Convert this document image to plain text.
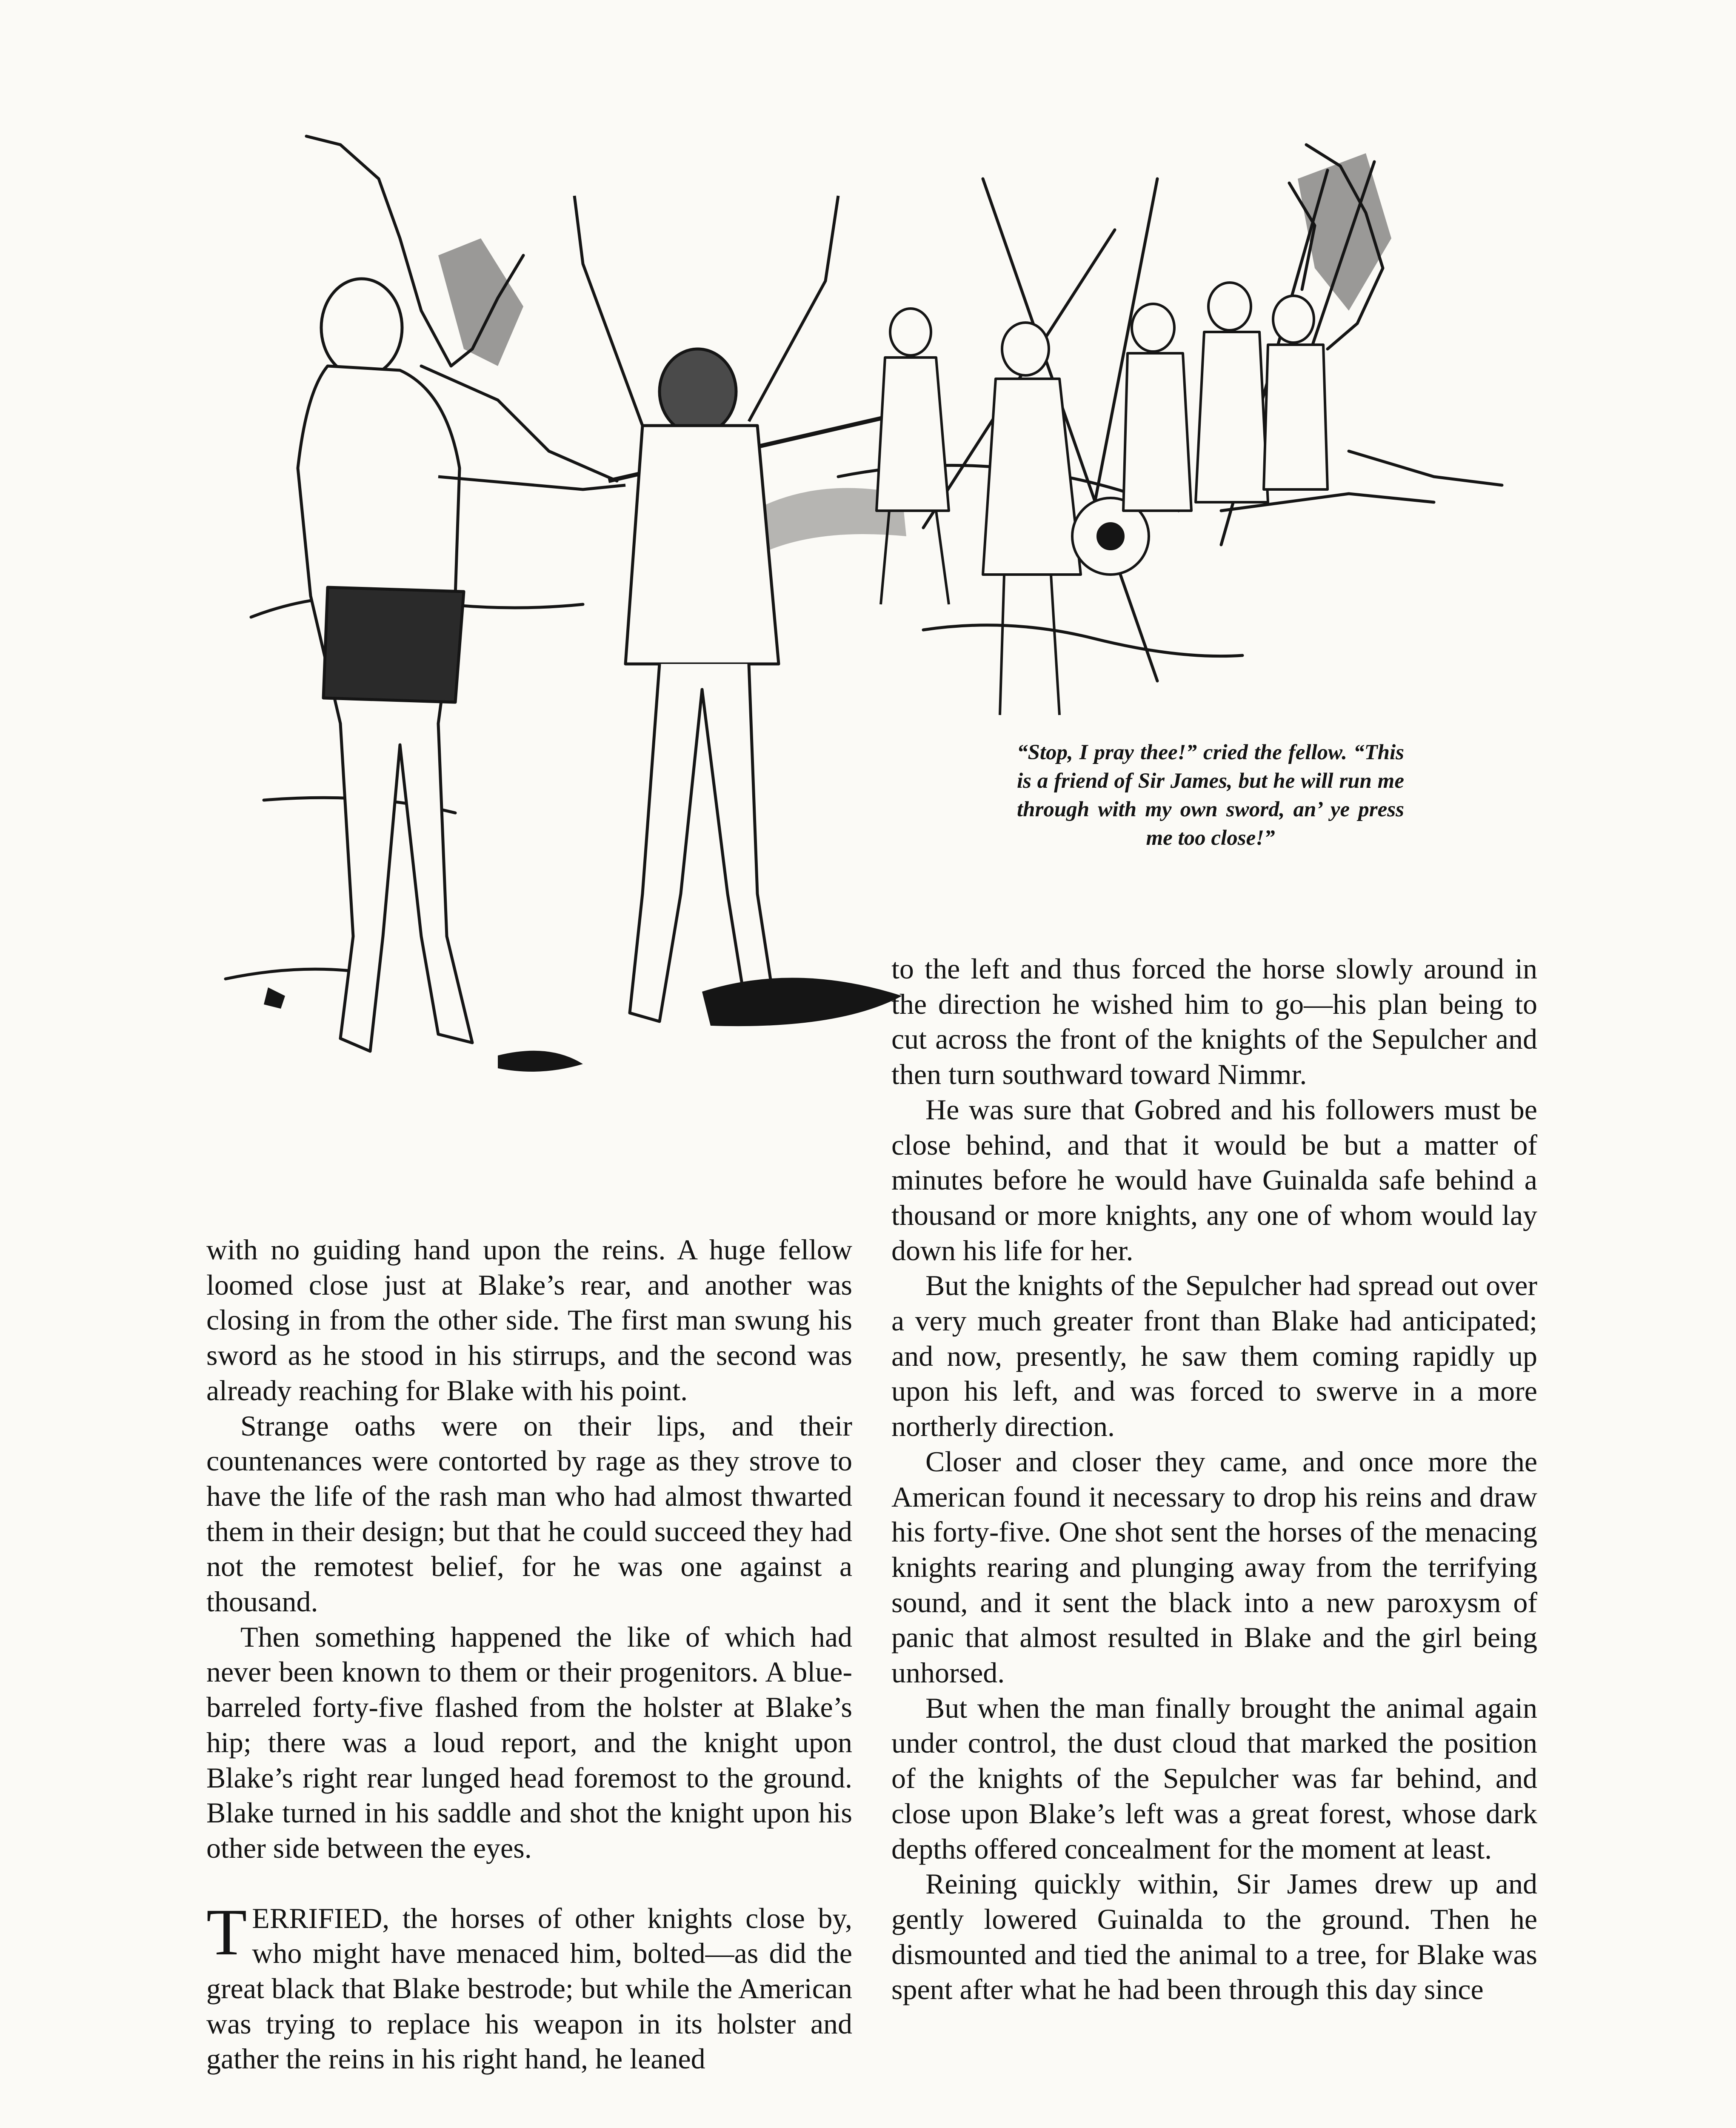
“Stop, I pray thee!” cried the fellow. “This is a friend of Sir James, but he will run me through with my own sword, an’ ye press me too close!”

with no guiding hand upon the reins. A huge fellow loomed close just at Blake’s rear, and another was closing in from the other side. The first man swung his sword as he stood in his stirrups, and the second was already reaching for Blake with his point.

Strange oaths were on their lips, and their countenances were contorted by rage as they strove to have the life of the rash man who had almost thwarted them in their design; but that he could succeed they had not the remotest belief, for he was one against a thousand.

Then something happened the like of which had never been known to them or their progenitors. A blue-barreled forty-five flashed from the holster at Blake’s hip; there was a loud report, and the knight upon Blake’s right rear lunged head foremost to the ground. Blake turned in his saddle and shot the knight upon his other side between the eyes.

TERRIFIED, the horses of other knights close by, who might have menaced him, bolted—as did the great black that Blake bestrode; but while the American was trying to replace his weapon in its holster and gather the reins in his right hand, he leaned

to the left and thus forced the horse slowly around in the direction he wished him to go—his plan being to cut across the front of the knights of the Sepulcher and then turn southward toward Nimmr.

He was sure that Gobred and his followers must be close behind, and that it would be but a matter of minutes before he would have Guinalda safe behind a thousand or more knights, any one of whom would lay down his life for her.

But the knights of the Sepulcher had spread out over a very much greater front than Blake had anticipated; and now, presently, he saw them coming rapidly up upon his left, and was forced to swerve in a more northerly direction.

Closer and closer they came, and once more the American found it necessary to drop his reins and draw his forty-five. One shot sent the horses of the menacing knights rearing and plunging away from the terrifying sound, and it sent the black into a new paroxysm of panic that almost resulted in Blake and the girl being unhorsed.

But when the man finally brought the animal again under control, the dust cloud that marked the position of the knights of the Sepulcher was far behind, and close upon Blake’s left was a great forest, whose dark depths offered concealment for the moment at least.

Reining quickly within, Sir James drew up and gently lowered Guinalda to the ground. Then he dismounted and tied the animal to a tree, for Blake was spent after what he had been through this day since
